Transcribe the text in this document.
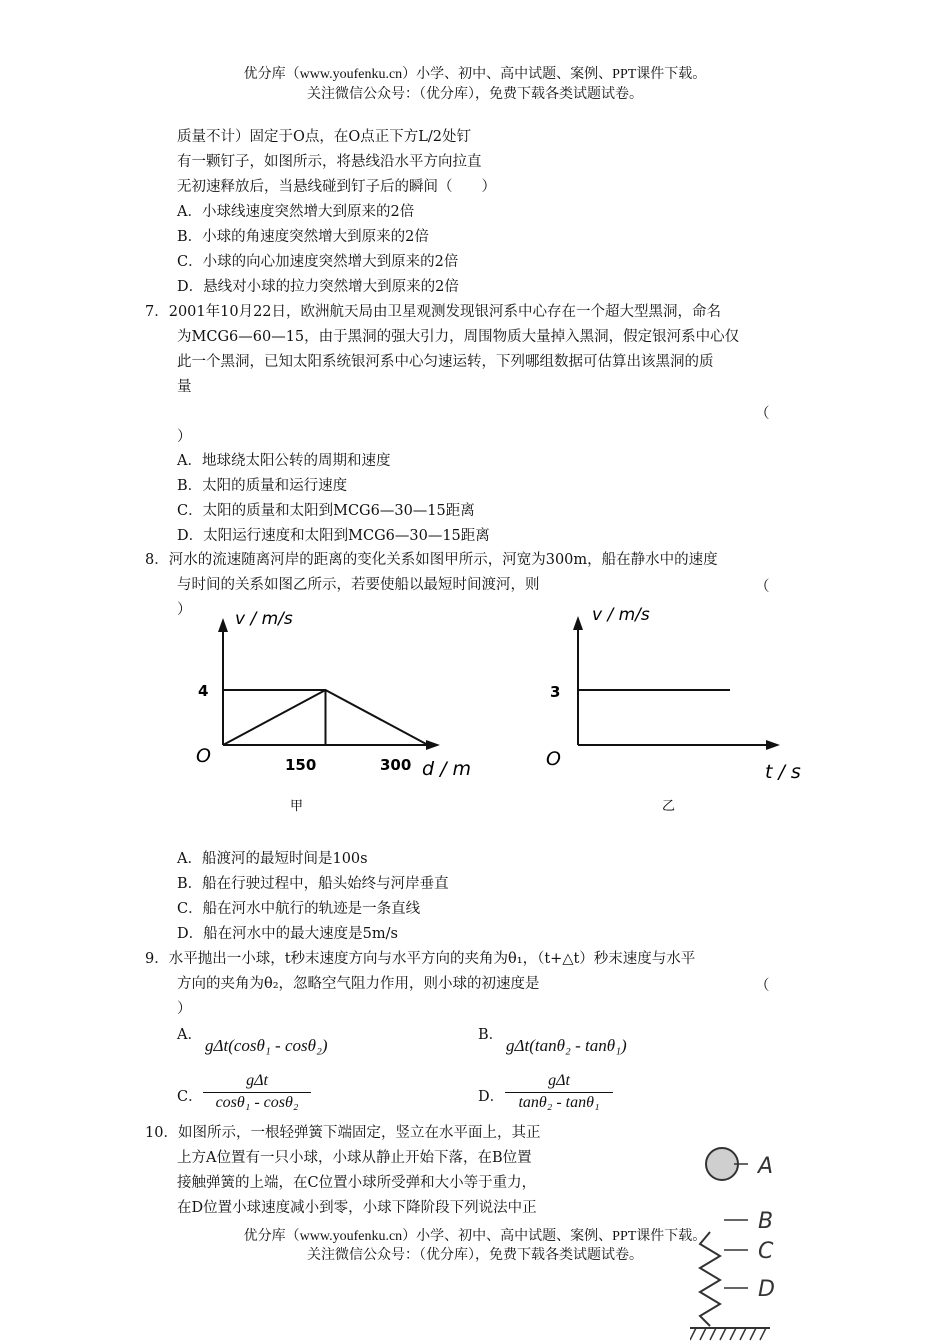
优分库（www.youfenku.cn）小学、初中、高中试题、案例、PPT课件下载。
关注微信公众号：（优分库），免费下载各类试题试卷。
质量不计）固定于O点，在O点正下方L/2处钉
有一颗钉子，如图所示，将悬线沿水平方向拉直
无初速释放后，当悬线碰到钉子后的瞬间（　　）
A．小球线速度突然增大到原来的2倍
B．小球的角速度突然增大到原来的2倍
C．小球的向心加速度突然增大到原来的2倍
D．悬线对小球的拉力突然增大到原来的2倍
7．2001年10月22日，欧洲航天局由卫星观测发现银河系中心存在一个超大型黑洞，命名
为MCG6—60—15，由于黑洞的强大引力，周围物质大量掉入黑洞，假定银河系中心仅
此一个黑洞，已知太阳系统银河系中心匀速运转，下列哪组数据可估算出该黑洞的质
量
（
）
A．地球绕太阳公转的周期和速度
B．太阳的质量和运行速度
C．太阳的质量和太阳到MCG6—30—15距离
D．太阳运行速度和太阳到MCG6—30—15距离
8．河水的流速随离河岸的距离的变化关系如图甲所示，河宽为300m，船在静水中的速度
与时间的关系如图乙所示，若要使船以最短时间渡河，则	（
）	v / m/s
4
O	150	300 d / m
甲
v / m/s
3
O
t / s
乙
A．船渡河的最短时间是100s
B．船在行驶过程中，船头始终与河岸垂直
C．船在河水中航行的轨迹是一条直线
D．船在河水中的最大速度是5m/s
9．水平抛出一小球，t秒末速度方向与水平方向的夹角为θ₁，（t+△t）秒末速度与水平
方向的夹角为θ₂，忽略空气阻力作用，则小球的初速度是	（
）
A．
gΔt(cosθ₁ - cosθ₂)
B．
gΔt(tanθ₂ - tanθ₁)
C．
gΔt
cosθ₁ - cosθ₂	D．
gΔt
tanθ₂ - tanθ₁
10．如图所示，一根轻弹簧下端固定，竖立在水平面上，其正
上方A位置有一只小球，小球从静止开始下落，在B位置
接触弹簧的上端，在C位置小球所受弹和大小等于重力，
在D位置小球速度减小到零，小球下降阶段下列说法中正
A
B
C
D
优分库（www.youfenku.cn）小学、初中、高中试题、案例、PPT课件下载。
关注微信公众号：（优分库），免费下载各类试题试卷。
